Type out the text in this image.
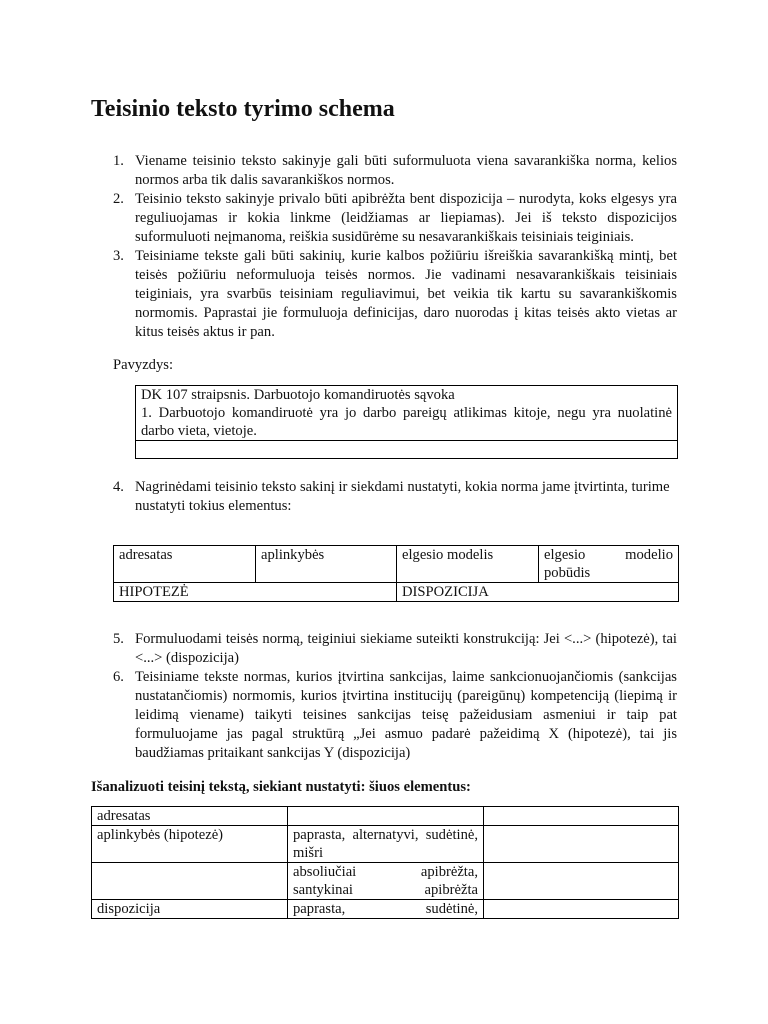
Teisinio teksto tyrimo schema
1. Viename teisinio teksto sakinyje gali būti suformuluota viena savarankiška norma, kelios normos arba tik dalis savarankiškos normos.
2. Teisinio teksto sakinyje privalo būti apibrėžta bent dispozicija – nurodyta, koks elgesys yra reguliuojamas ir kokia linkme (leidžiamas ar liepiamas). Jei iš teksto dispozicijos suformuluoti neįmanoma, reiškia susidūrėme su nesavarankiškais teisiniais teiginiais.
3. Teisiniame tekste gali būti sakinių, kurie kalbos požiūriu išreiškia savarankišką mintį, bet teisės požiūriu neformuluoja teisės normos. Jie vadinami nesavarankiškais teisiniais teiginiais, yra svarbūs teisiniam reguliavimui, bet veikia tik kartu su savarankiškomis normomis. Paprastai jie formuluoja definicijas, daro nuorodas į kitas teisės akto vietas ar kitus teisės aktus ir pan.
Pavyzdys:
DK 107 straipsnis. Darbuotojo komandiruotės sąvoka
1. Darbuotojo komandiruotė yra jo darbo pareigų atlikimas kitoje, negu yra nuolatinė darbo vieta, vietoje.

4. Nagrinėdami teisinio teksto sakinį ir siekdami nustatyti, kokia norma jame įtvirtinta, turime
nustatyti tokius elementus:
adresatas	aplinkybės	elgesio modelis	elgesio modelio pobūdis
HIPOTEZĖ		DISPOZICIJA	
5. Formuluodami teisės normą, teiginiui siekiame suteikti konstrukciją: Jei <...> (hipotezė), tai <...> (dispozicija)
6. Teisiniame tekste normas, kurios įtvirtina sankcijas, laime sankcionuojančiomis (sankcijas nustatančiomis) normomis, kurios įtvirtina institucijų (pareigūnų) kompetenciją (liepimą ir leidimą viename) taikyti teisines sankcijas teisę pažeidusiam asmeniui ir taip pat formuluojame jas pagal struktūrą „Jei asmuo padarė pažeidimą X (hipotezė), tai jis baudžiamas pritaikant sankcijas Y (dispozicija)
Išanalizuoti teisinį tekstą, siekiant nustatyti: šiuos elementus:
adresatas		
aplinkybės (hipotezė)	paprasta, alternatyvi, sudėtinė, mišri	
	absoliučiai apibrėžta, santykinai apibrėžta	
dispozicija	paprasta, sudėtinė,	
